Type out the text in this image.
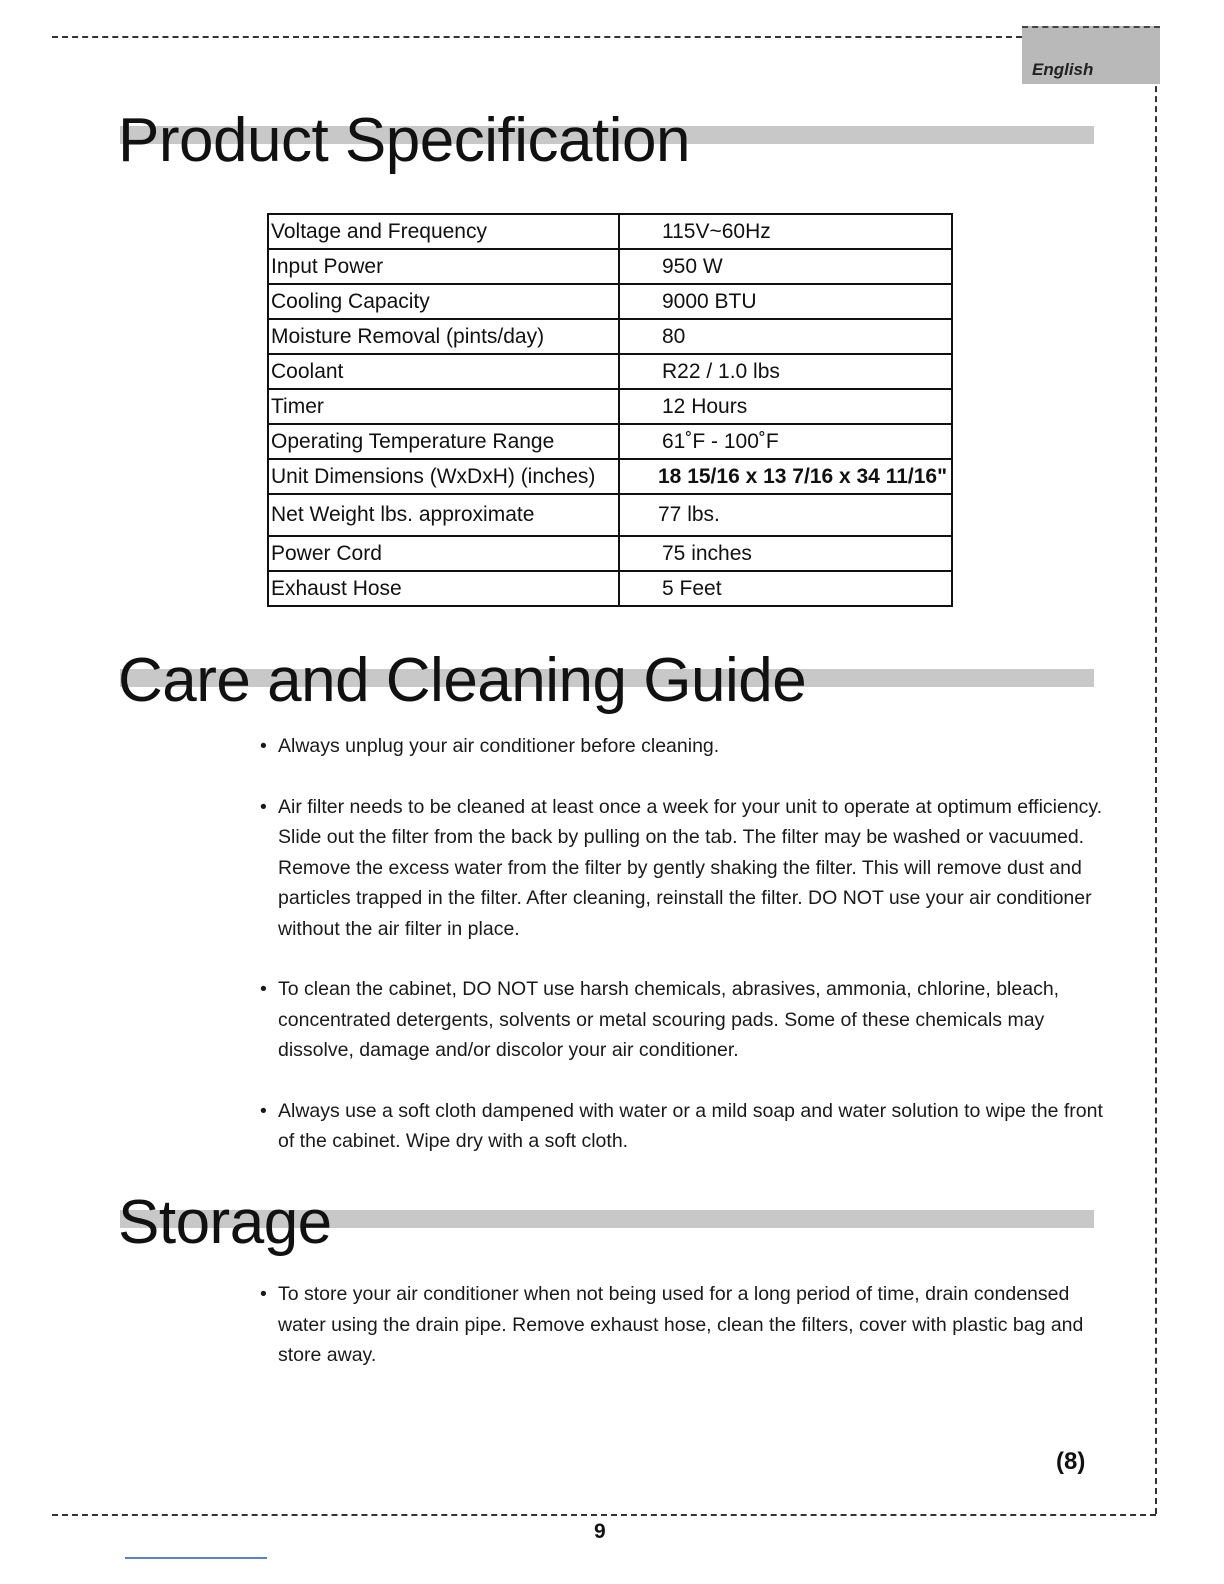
English
Product Specification
Voltage and Frequency	115V~60Hz
Input Power	950 W
Cooling Capacity	9000 BTU
Moisture Removal (pints/day)	80
Coolant	R22 / 1.0 lbs
Timer	12 Hours
Operating Temperature Range	61˚F - 100˚F
Unit Dimensions (WxDxH) (inches)	18 15/16 x 13 7/16 x 34 11/16"
Net Weight lbs. approximate	77 lbs.
Power Cord	75 inches
Exhaust Hose	5 Feet
Care and Cleaning Guide
• Always unplug your air conditioner before cleaning.
• Air filter needs to be cleaned at least once a week for your unit to operate at optimum efficiency. Slide out the filter from the back by pulling on the tab. The filter may be washed or vacuumed. Remove the excess water from the filter by gently shaking the filter. This will remove dust and particles trapped in the filter. After cleaning, reinstall the filter. DO NOT use your air conditioner without the air filter in place.
• To clean the cabinet, DO NOT use harsh chemicals, abrasives, ammonia, chlorine, bleach, concentrated detergents, solvents or metal scouring pads. Some of these chemicals may dissolve, damage and/or discolor your air conditioner.
• Always use a soft cloth dampened with water or a mild soap and water solution to wipe the front of the cabinet. Wipe dry with a soft cloth.
Storage
• To store your air conditioner when not being used for a long period of time, drain condensed water using the drain pipe. Remove exhaust hose, clean the filters, cover with plastic bag and store away.
(8)
9
